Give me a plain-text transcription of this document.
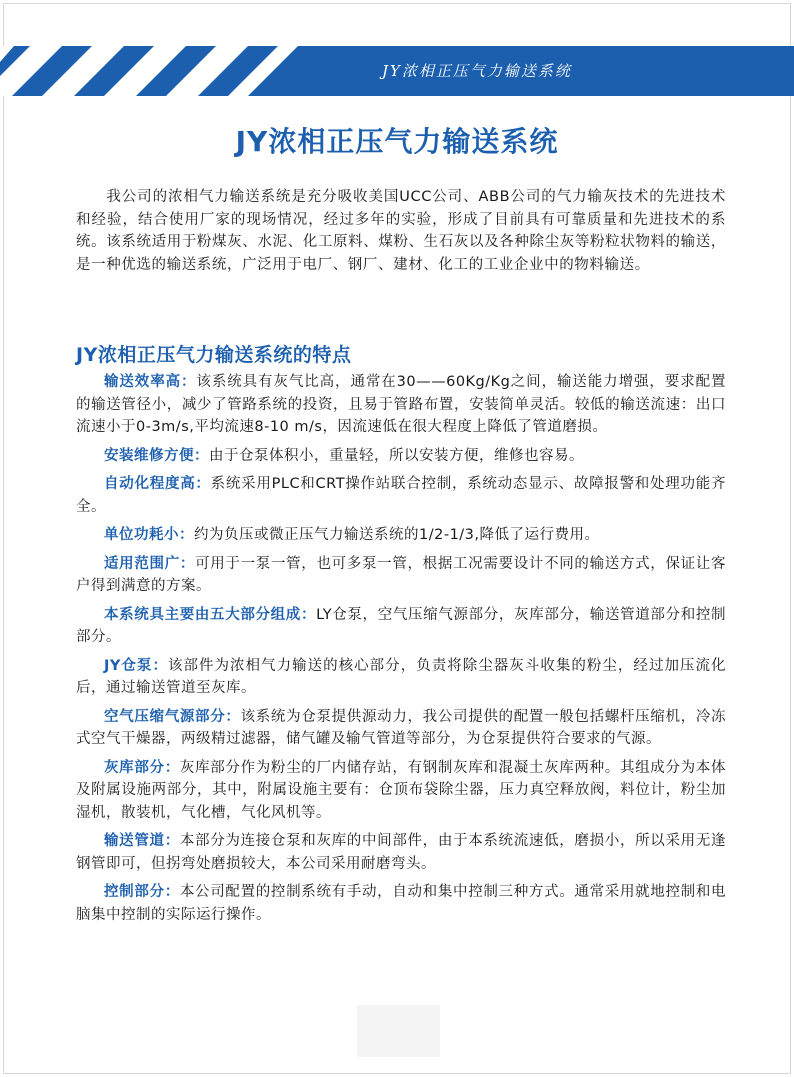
JY浓相正压气力输送系统
JY浓相正压气力输送系统

我公司的浓相气力输送系统是充分吸收美国UCC公司、ABB公司的气力输灰技术的先进技术和经验，结合使用厂家的现场情况，经过多年的实验，形成了目前具有可靠质量和先进技术的系统。该系统适用于粉煤灰、水泥、化工原料、煤粉、生石灰以及各种除尘灰等粉粒状物料的输送，是一种优选的输送系统，广泛用于电厂、钢厂、建材、化工的工业企业中的物料输送。

JY浓相正压气力输送系统的特点
输送效率高：该系统具有灰气比高，通常在30——60Kg/Kg之间，输送能力增强，要求配置的输送管径小，减少了管路系统的投资，且易于管路布置，安装简单灵活。较低的输送流速：出口流速小于0-3m/s,平均流速8-10 m/s，因流速低在很大程度上降低了管道磨损。
安装维修方便：由于仓泵体积小，重量轻，所以安装方便，维修也容易。
自动化程度高：系统采用PLC和CRT操作站联合控制，系统动态显示、故障报警和处理功能齐全。
单位功耗小：约为负压或微正压气力输送系统的1/2-1/3,降低了运行费用。
适用范围广：可用于一泵一管，也可多泵一管，根据工况需要设计不同的输送方式，保证让客户得到满意的方案。
本系统具主要由五大部分组成：LY仓泵，空气压缩气源部分，灰库部分，输送管道部分和控制部分。
JY仓泵：该部件为浓相气力输送的核心部分，负责将除尘器灰斗收集的粉尘，经过加压流化后，通过输送管道至灰库。
空气压缩气源部分：该系统为仓泵提供源动力，我公司提供的配置一般包括螺杆压缩机，冷冻式空气干燥器，两级精过滤器，储气罐及输气管道等部分，为仓泵提供符合要求的气源。
灰库部分：灰库部分作为粉尘的厂内储存站，有钢制灰库和混凝土灰库两种。其组成分为本体及附属设施两部分，其中，附属设施主要有：仓顶布袋除尘器，压力真空释放阀，料位计，粉尘加湿机，散装机，气化槽，气化风机等。
输送管道：本部分为连接仓泵和灰库的中间部件，由于本系统流速低，磨损小，所以采用无逢钢管即可，但拐弯处磨损较大，本公司采用耐磨弯头。
控制部分：本公司配置的控制系统有手动，自动和集中控制三种方式。通常采用就地控制和电脑集中控制的实际运行操作。
